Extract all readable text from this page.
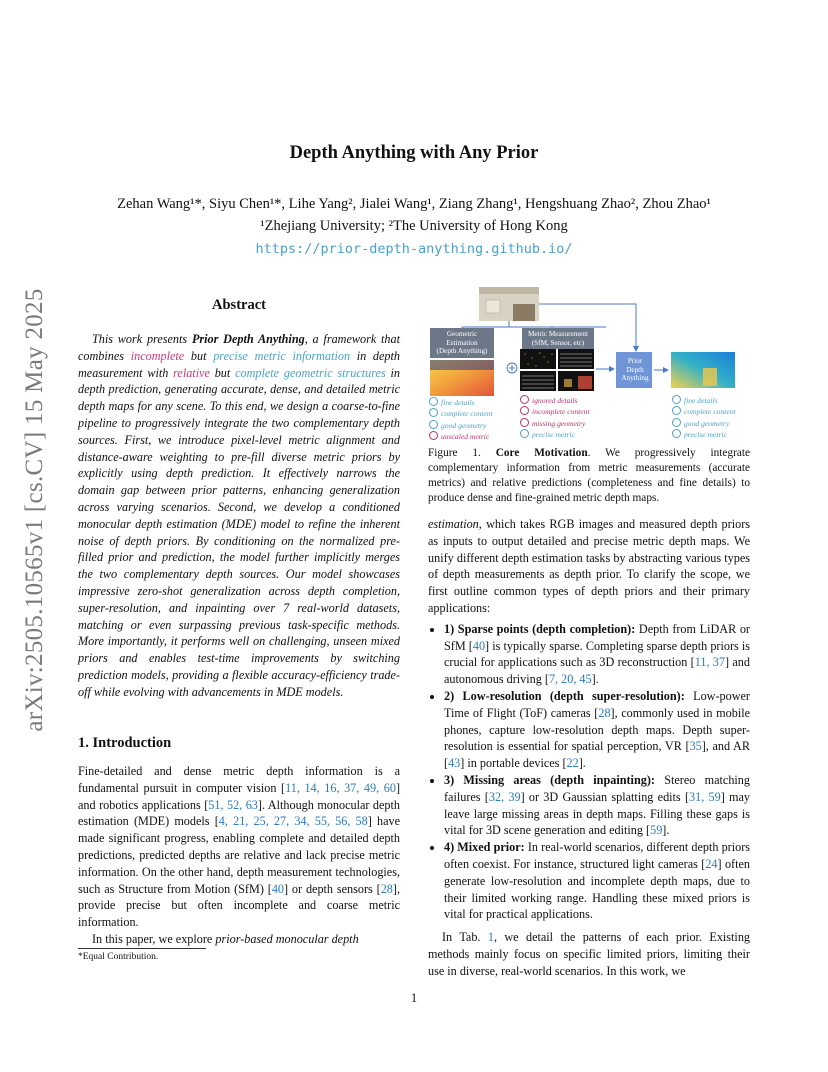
arXiv:2505.10565v1 [cs.CV] 15 May 2025
Depth Anything with Any Prior
Zehan Wang¹*, Siyu Chen¹*, Lihe Yang², Jialei Wang¹, Ziang Zhang¹, Hengshuang Zhao², Zhou Zhao¹
¹Zhejiang University; ²The University of Hong Kong
https://prior-depth-anything.github.io/
Abstract
This work presents Prior Depth Anything, a framework that combines incomplete but precise metric information in depth measurement with relative but complete geometric structures in depth prediction, generating accurate, dense, and detailed metric depth maps for any scene. To this end, we design a coarse-to-fine pipeline to progressively integrate the two complementary depth sources. First, we introduce pixel-level metric alignment and distance-aware weighting to pre-fill diverse metric priors by explicitly using depth prediction. It effectively narrows the domain gap between prior patterns, enhancing generalization across varying scenarios. Second, we develop a conditioned monocular depth estimation (MDE) model to refine the inherent noise of depth priors. By conditioning on the normalized pre-filled prior and prediction, the model further implicitly merges the two complementary depth sources. Our model showcases impressive zero-shot generalization across depth completion, super-resolution, and inpainting over 7 real-world datasets, matching or even surpassing previous task-specific methods. More importantly, it performs well on challenging, unseen mixed priors and enables test-time improvements by switching prediction models, providing a flexible accuracy-efficiency trade-off while evolving with advancements in MDE models.
1. Introduction

Fine-detailed and dense metric depth information is a fundamental pursuit in computer vision [11, 14, 16, 37, 49, 60] and robotics applications [51, 52, 63]. Although monocular depth estimation (MDE) models [4, 21, 25, 27, 34, 55, 56, 58] have made significant progress, enabling complete and detailed depth predictions, predicted depths are relative and lack precise metric information. On the other hand, depth measurement technologies, such as Structure from Motion (SfM) [40] or depth sensors [28], provide precise but often incomplete and coarse metric information.

In this paper, we explore prior-based monocular depth

*Equal Contribution.
Geometric Estimation
(Depth Anything)
Metric Measurement
(SfM, Sensor, etc)
Prior
Depth
Anything
fine details
complete content
good geometry
unscaled metric
ignored details
incomplete content
missing geometry
precise metric
fine details
complete content
good geometry
precise metric
Figure 1. Core Motivation. We progressively integrate complementary information from metric measurements (accurate metrics) and relative predictions (completeness and fine details) to produce dense and fine-grained metric depth maps.

estimation, which takes RGB images and measured depth priors as inputs to output detailed and precise metric depth maps. We unify different depth estimation tasks by abstracting various types of depth measurements as depth prior. To clarify the scope, we first outline common types of depth priors and their primary applications:

• 1) Sparse points (depth completion): Depth from LiDAR or SfM [40] is typically sparse. Completing sparse depth priors is crucial for applications such as 3D reconstruction [11, 37] and autonomous driving [7, 20, 45].
• 2) Low-resolution (depth super-resolution): Low-power Time of Flight (ToF) cameras [28], commonly used in mobile phones, capture low-resolution depth maps. Depth super-resolution is essential for spatial perception, VR [35], and AR [43] in portable devices [22].
• 3) Missing areas (depth inpainting): Stereo matching failures [32, 39] or 3D Gaussian splatting edits [31, 59] may leave large missing areas in depth maps. Filling these gaps is vital for 3D scene generation and editing [59].
• 4) Mixed prior: In real-world scenarios, different depth priors often coexist. For instance, structured light cameras [24] often generate low-resolution and incomplete depth maps, due to their limited working range. Handling these mixed priors is vital for practical applications.

In Tab. 1, we detail the patterns of each prior. Existing methods mainly focus on specific limited priors, limiting their use in diverse, real-world scenarios. In this work, we

1
